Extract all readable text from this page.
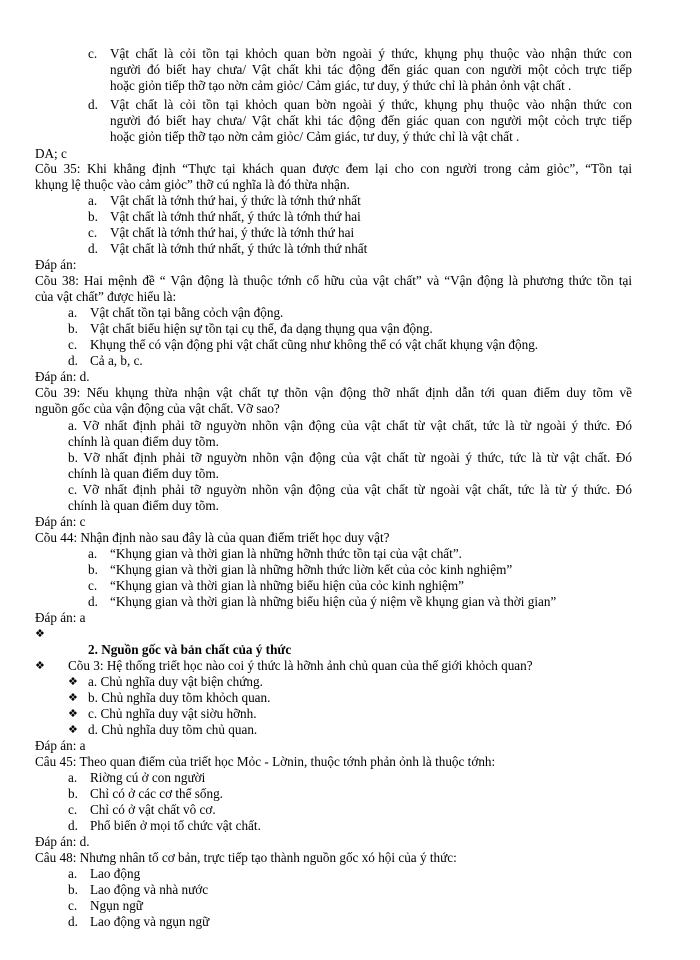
c. Vật chất là cỏi tồn tại khỏch quan bờn ngoài ý thức, khụng phụ thuộc vào nhận thức con
người đó biết hay chưa/ Vật chất khi tác động đến giác quan con người một cỏch trực tiếp
hoặc giỏn tiếp thỡ tạo nờn cảm giỏc/ Cảm giác, tư duy, ý thức chỉ là phản ỏnh vật chất .
d. Vật chất là cỏi tồn tại khỏch quan bờn ngoài ý thức, khụng phụ thuộc vào nhận thức con
người đó biết hay chưa/ Vật chất khi tác động đến giác quan con người một cỏch trực tiếp
hoặc giỏn tiếp thỡ tạo nờn cảm giỏc/ Cảm giác, tư duy, ý thức chỉ là vật chất .
DA; c
Cõu 35: Khi khẳng định “Thực tại khách quan được đem lại cho con người trong cảm giỏc”, “Tồn tại
khụng lệ thuộc vào cảm giỏc” thỡ cú nghĩa là đó thừa nhận.
a. Vật chất là tớnh thứ hai, ý thức là tớnh thứ nhất
b. Vật chất là tớnh thứ nhất, ý thức là tớnh thứ hai
c. Vật chất là tớnh thứ hai, ý thức là tớnh thứ hai
d. Vật chất là tớnh thứ nhất, ý thức là tớnh thứ nhất
Đáp án:
Cõu 38: Hai mệnh đề “ Vận động là thuộc tớnh cố hữu của vật chất” và “Vận động là phương thức tồn tại
của vật chất” được hiểu là:
a. Vật chất tồn tại bằng cỏch vận động.
b. Vật chất biểu hiện sự tồn tại cụ thể, đa dạng thụng qua vận động.
c. Khụng thể có vận động phi vật chất cũng như không thể có vật chất khụng vận động.
d. Cả a, b, c.
Đáp án: d.
Cõu 39: Nếu khụng thừa nhận vật chất tự thõn vận động thỡ nhất định dẫn tới quan điểm duy tõm về
nguồn gốc của vận động của vật chất. Vỡ sao?
a. Vỡ nhất định phải tỡ nguyờn nhõn vận động của vật chất từ vật chất, tức là từ ngoài ý thức. Đó
chính là quan điểm duy tõm.
b. Vỡ nhất định phải tỡ nguyờn nhõn vận động của vật chất từ ngoài ý thức, tức là từ vật chất. Đó
chính là quan điểm duy tõm.
c. Vỡ nhất định phải tỡ nguyờn nhõn vận động của vật chất từ ngoài vật chất, tức là từ ý thức. Đó
chính là quan điểm duy tõm.
Đáp án: c
Cõu 44: Nhận định nào sau đây là của quan điểm triết học duy vật?
a. “Khụng gian và thời gian là những hỡnh thức tồn tại của vật chất”.
b. “Khụng gian và thời gian là những hỡnh thức liờn kết của cỏc kinh nghiệm”
c. “Khụng gian và thời gian là những biểu hiện của cỏc kinh nghiệm”
d. “Khụng gian và thời gian là những biểu hiện của ý niệm về khụng gian và thời gian”
Đáp án: a
❖
2. Nguồn gốc và bản chất của ý thức
❖ Cõu 3: Hệ thống triết học nào coi ý thức là hỡnh ảnh chủ quan của thế giới khỏch quan?
❖ a. Chủ nghĩa duy vật biện chứng.
❖ b. Chủ nghĩa duy tõm khỏch quan.
❖ c. Chủ nghĩa duy vật siờu hỡnh.
❖ d. Chủ nghĩa duy tõm chủ quan.
Đáp án: a
Câu 45: Theo quan điểm của triết học Mỏc - Lờnin, thuộc tớnh phản ỏnh là thuộc tớnh:
a. Riờng cú ở con người
b. Chỉ có ở các cơ thể sống.
c. Chỉ có ở vật chất vô cơ.
d. Phổ biến ở mọi tổ chức vật chất.
Đáp án: d.
Câu 48: Nhưng nhân tố cơ bản, trực tiếp tạo thành nguồn gốc xó hội của ý thức:
a. Lao động
b. Lao động và nhà nước
c. Ngụn ngữ
d. Lao động và ngụn ngữ
